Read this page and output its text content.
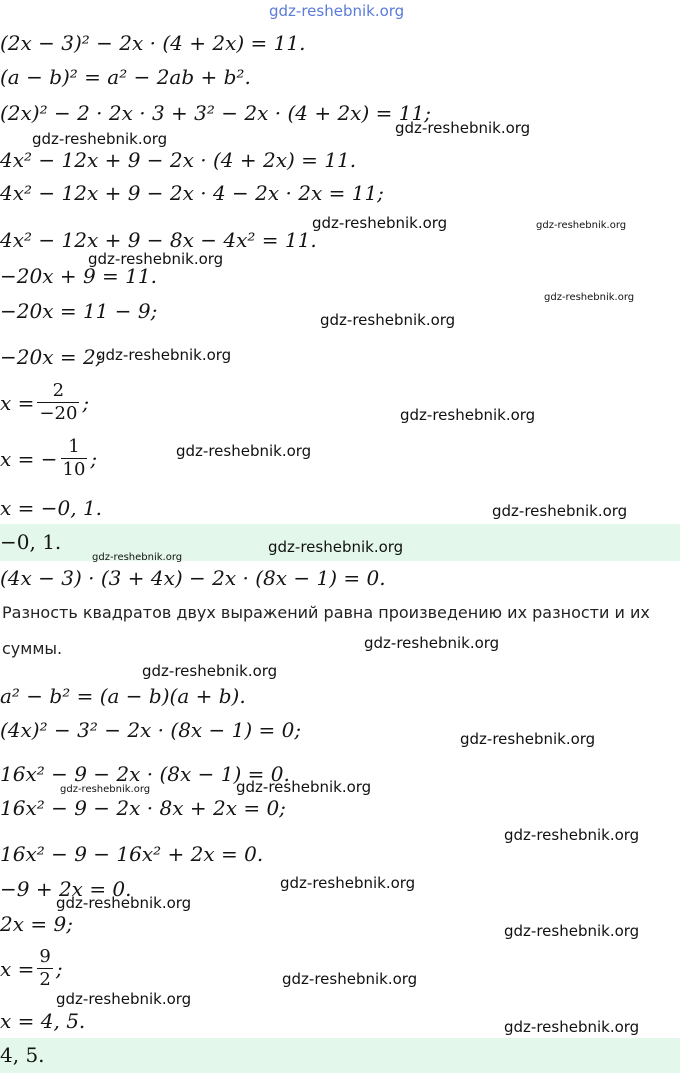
gdz-reshebnik.org
(2x − 3)² − 2x · (4 + 2x) = 11.
(a − b)² = a² − 2ab + b².
(2x)² − 2 · 2x · 3 + 3² − 2x · (4 + 2x) = 11;
4x² − 12x + 9 − 2x · (4 + 2x) = 11.
4x² − 12x + 9 − 2x · 4 − 2x · 2x = 11;
4x² − 12x + 9 − 8x − 4x² = 11.
−20x + 9 = 11.
−20x = 11 − 9;
−20x = 2;
$x = \frac{2}{-20}$ ;
x = − $\frac{1}{10}$ ;
x = −0, 1.
−0, 1.
(4x − 3) · (3 + 4x) − 2x · (8x − 1) = 0.
Разность квадратов двух выражений равна произведению их разности и их
суммы.
a² − b² = (a − b)(a + b).
(4x)² − 3² − 2x · (8x − 1) = 0;
16x² − 9 − 2x · (8x − 1) = 0.
16x² − 9 − 2x · 8x + 2x = 0;
16x² − 9 − 16x² + 2x = 0.
−9 + 2x = 0.
2x = 9;
$x = \frac{9}{2}$ ;
x = 4, 5.
4, 5.
gdz-reshebnik.org
gdz-reshebnik.org
gdz-reshebnik.org	gdz-reshebnik.org
gdz-reshebnik.org
gdz-reshebnik.org
gdz-reshebnik.org
gdz-reshebnik.org
gdz-reshebnik.org
gdz-reshebnik.org
gdz-reshebnik.org
gdz-reshebnik.org
gdz-reshebnik.org
gdz-reshebnik.org
gdz-reshebnik.org
gdz-reshebnik.org
gdz-reshebnik.org
gdz-reshebnik.org
gdz-reshebnik.org
gdz-reshebnik.org
gdz-reshebnik.org
gdz-reshebnik.org
gdz-reshebnik.org
gdz-reshebnik.org
gdz-reshebnik.org
